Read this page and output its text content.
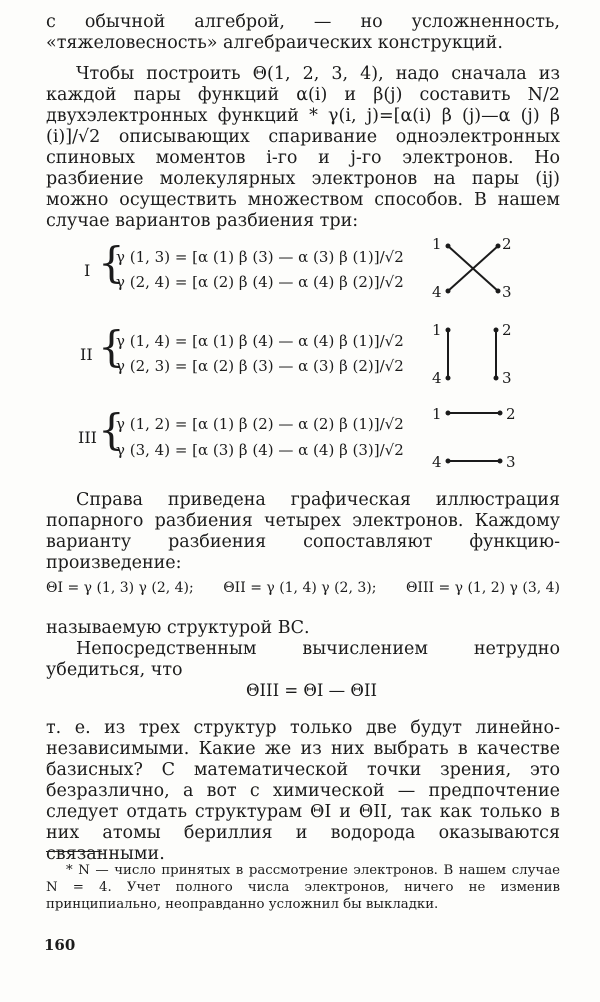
с обычной алгеброй, — но усложненность, «тяжеловесность» алгебраических конструкций.

Чтобы построить Θ(1, 2, 3, 4), надо сначала из каждой пары функций α(i) и β(j) составить N/2 двухэлектронных функций * γ(i, j)=[α(i) β (j)—α (j) β (i)]/√2 описывающих спаривание одноэлектронных спиновых моментов i-го и j-го электронов. Но разбиение молекулярных электронов на пары (ij) можно осуществить множеством способов. В нашем случае вариантов разбиения три:

I {
γ (1, 3) = [α (1) β (3) — α (3) β (1)]/√2
γ (2, 4) = [α (2) β (4) — α (4) β (2)]/√2
II {
γ (1, 4) = [α (1) β (4) — α (4) β (1)]/√2
γ (2, 3) = [α (2) β (3) — α (3) β (2)]/√2
III {
γ (1, 2) = [α (1) β (2) — α (2) β (1)]/√2
γ (3, 4) = [α (3) β (4) — α (4) β (3)]/√2
1	2
4	3
1	2
4	3
1	2
4	3

Справа приведена графическая иллюстрация попарного разбиения четырех электронов. Каждому варианту разбиения сопоставляют функцию-произведение:

ΘI = γ (1, 3) γ (2, 4); ΘII = γ (1, 4) γ (2, 3); ΘIII = γ (1, 2) γ (3, 4)

называемую структурой ВС.

Непосредственным вычислением нетрудно убедиться, что

ΘIII = ΘI — ΘII

т. е. из трех структур только две будут линейно-независимыми. Какие же из них выбрать в качестве базисных? С математической точки зрения, это безразлично, а вот с химической — предпочтение следует отдать структурам ΘI и ΘII, так как только в них атомы бериллия и водорода оказываются связанными.

* N — число принятых в рассмотрение электронов. В нашем случае N = 4. Учет полного числа электронов, ничего не изменив принципиально, неоправданно усложнил бы выкладки.

160
